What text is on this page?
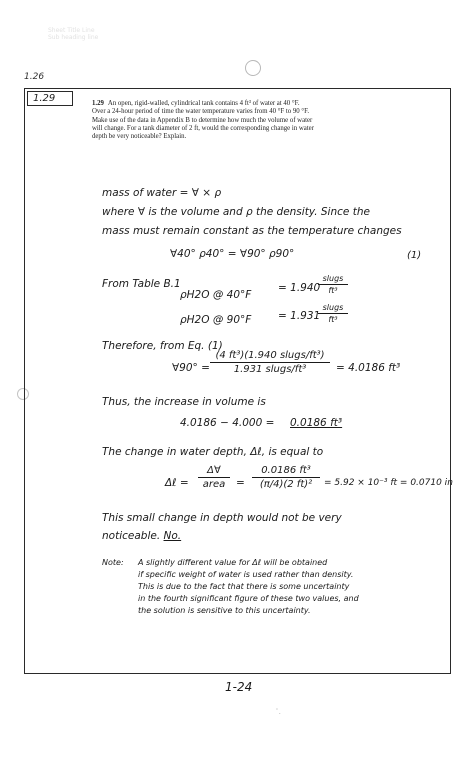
Sheet Title Line
Sub heading line
1.26
1.29	1.29 An open, rigid-walled, cylindrical tank contains 4 ft³ of water at 40 °F. Over a 24-hour period of time the water temperature varies from 40 °F to 90 °F. Make use of the data in Appendix B to determine how much the volume of water will change. For a tank diameter of 2 ft, would the corresponding change in water depth be very noticeable? Explain.
mass of water = ∀ × ρ
where ∀ is the volume and ρ the density. Since the
mass must remain constant as the temperature changes
∀40° ρ40° = ∀90° ρ90°	(1)
From Table B.1
ρH2O @ 40°F
= 1.940
slugs
ft³
ρH2O @ 90°F	= 1.931
slugs
ft³
Therefore, from Eq. (1)
∀90° =
(4 ft³)(1.940 slugs/ft³)
1.931 slugs/ft³	= 4.0186 ft³
Thus, the increase in volume is
4.0186 − 4.000 = 0.0186 ft³
The change in water depth, Δℓ, is equal to
Δℓ =
Δ∀
area	=
0.0186 ft³
(π/4)(2 ft)²	= 5.92 × 10⁻³ ft = 0.0710 in
This small change in depth would not be very
noticeable. No.
Note: A slightly different value for Δℓ will be obtained
if specific weight of water is used rather than density.
This is due to the fact that there is some uncertainty
in the fourth significant figure of these two values, and
the solution is sensitive to this uncertainty.
1-24
ʿ.
